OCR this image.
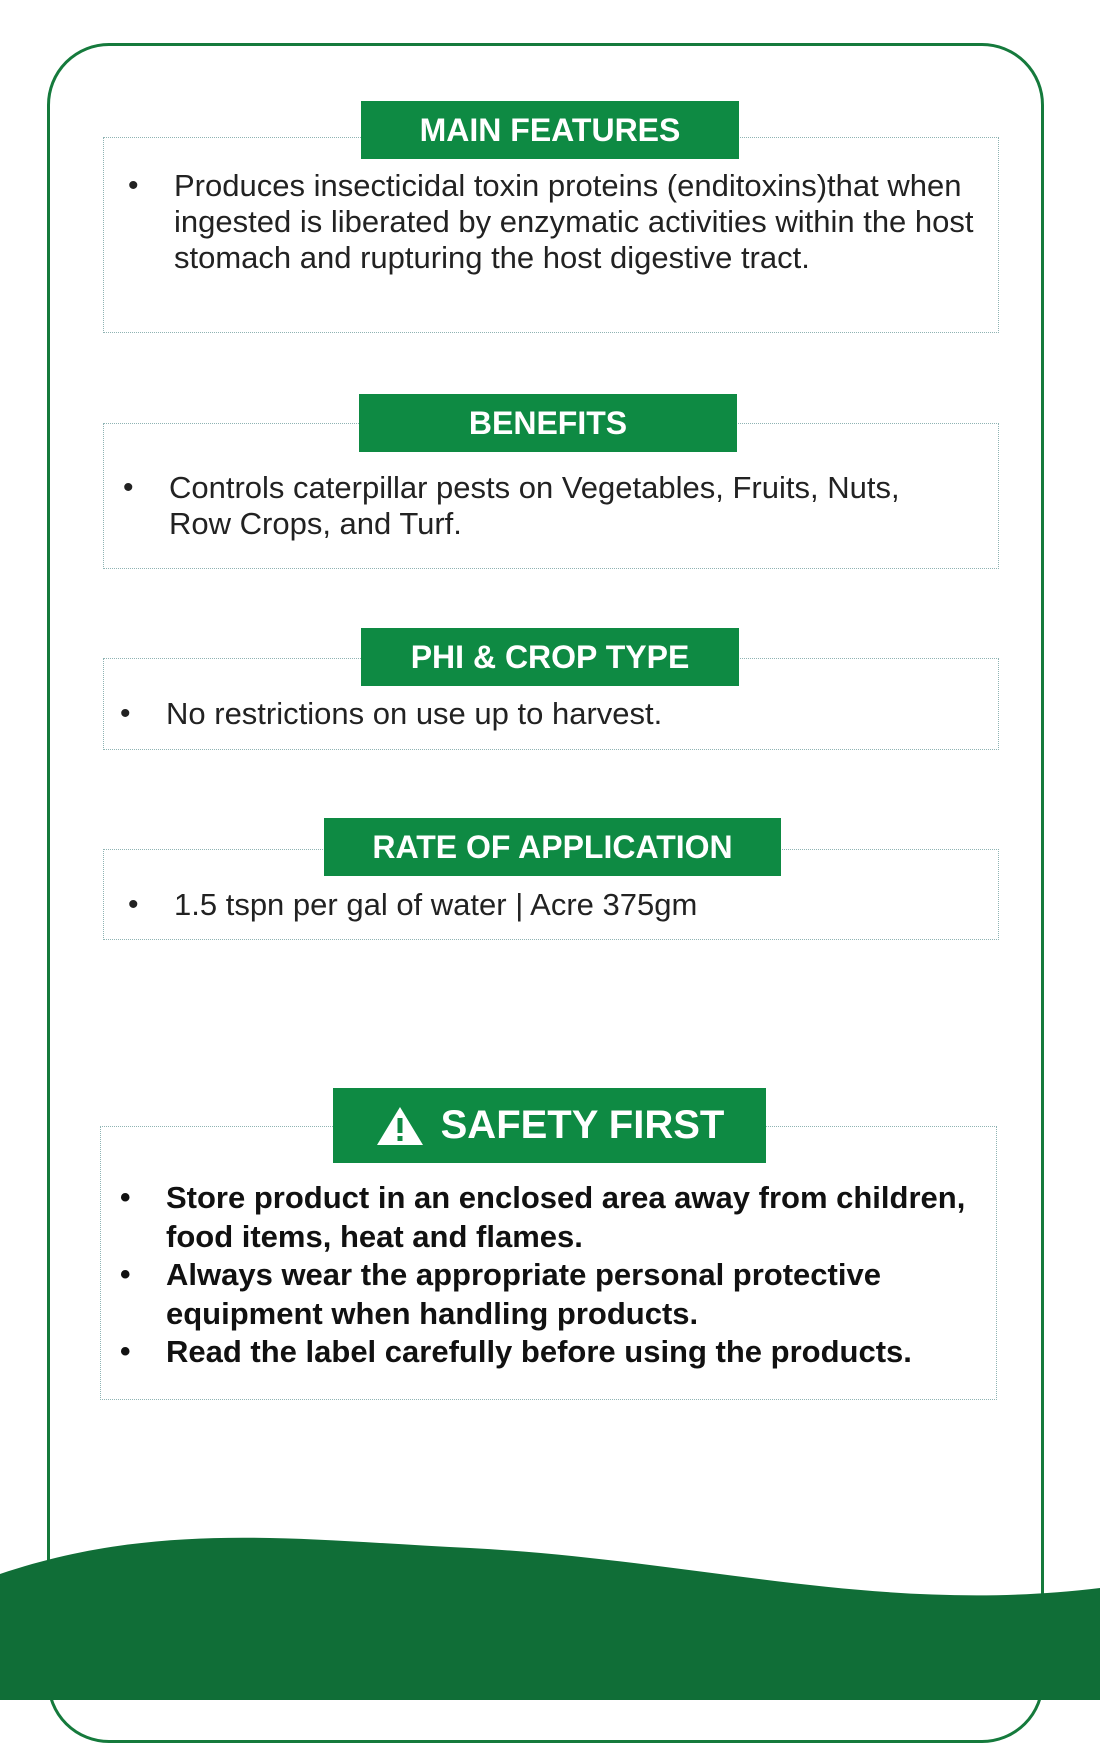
MAIN FEATURES
• Produces insecticidal toxin proteins (enditoxins)that when ingested is liberated by enzymatic activities within the host stomach and rupturing the host digestive tract.
BENEFITS
• Controls caterpillar pests on Vegetables, Fruits, Nuts, Row Crops, and Turf.
PHI & CROP TYPE
• No restrictions on use up to harvest.
RATE OF APPLICATION
• 1.5 tspn per gal of water | Acre 375gm
SAFETY FIRST
• Store product in an enclosed area away from children, food items, heat and flames.
• Always wear the appropriate personal protective equipment when handling products.
• Read the label carefully before using the products.
